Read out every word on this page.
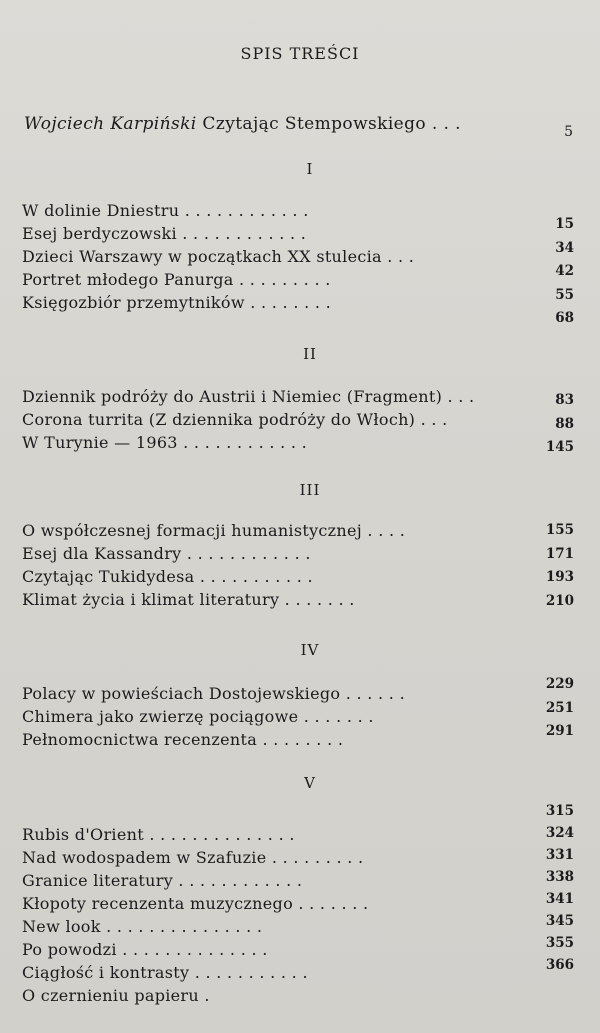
SPIS TREŚCI
Wojciech Karpiński Czytając Stempowskiego . . .	5
I
W dolinie Dniestru . . . . . . . . . . . .
Esej berdyczowski . . . . . . . . . . . .
Dzieci Warszawy w początkach XX stulecia . . .
Portret młodego Panurga . . . . . . . . .
Księgozbiór przemytników . . . . . . . .
15
34
42
55
68
II
Dziennik podróży do Austrii i Niemiec (Fragment) . . .
Corona turrita (Z dziennika podróży do Włoch) . . .
W Turynie — 1963 . . . . . . . . . . . .
83
88
145
III
O współczesnej formacji humanistycznej . . . .
Esej dla Kassandry . . . . . . . . . . . .
Czytając Tukidydesa . . . . . . . . . . .
Klimat życia i klimat literatury . . . . . . .
155
171
193
210
IV
Polacy w powieściach Dostojewskiego . . . . . .
Chimera jako zwierzę pociągowe . . . . . . .
Pełnomocnictwa recenzenta . . . . . . . .
229
251
291
V
Rubis d'Orient . . . . . . . . . . . . . .
Nad wodospadem w Szafuzie . . . . . . . . .
Granice literatury . . . . . . . . . . . .
Kłopoty recenzenta muzycznego . . . . . . .
New look . . . . . . . . . . . . . . .
Po powodzi . . . . . . . . . . . . . .
Ciągłość i kontrasty . . . . . . . . . . .
O czernieniu papieru .
315
324
331
338
341
345
355
366
